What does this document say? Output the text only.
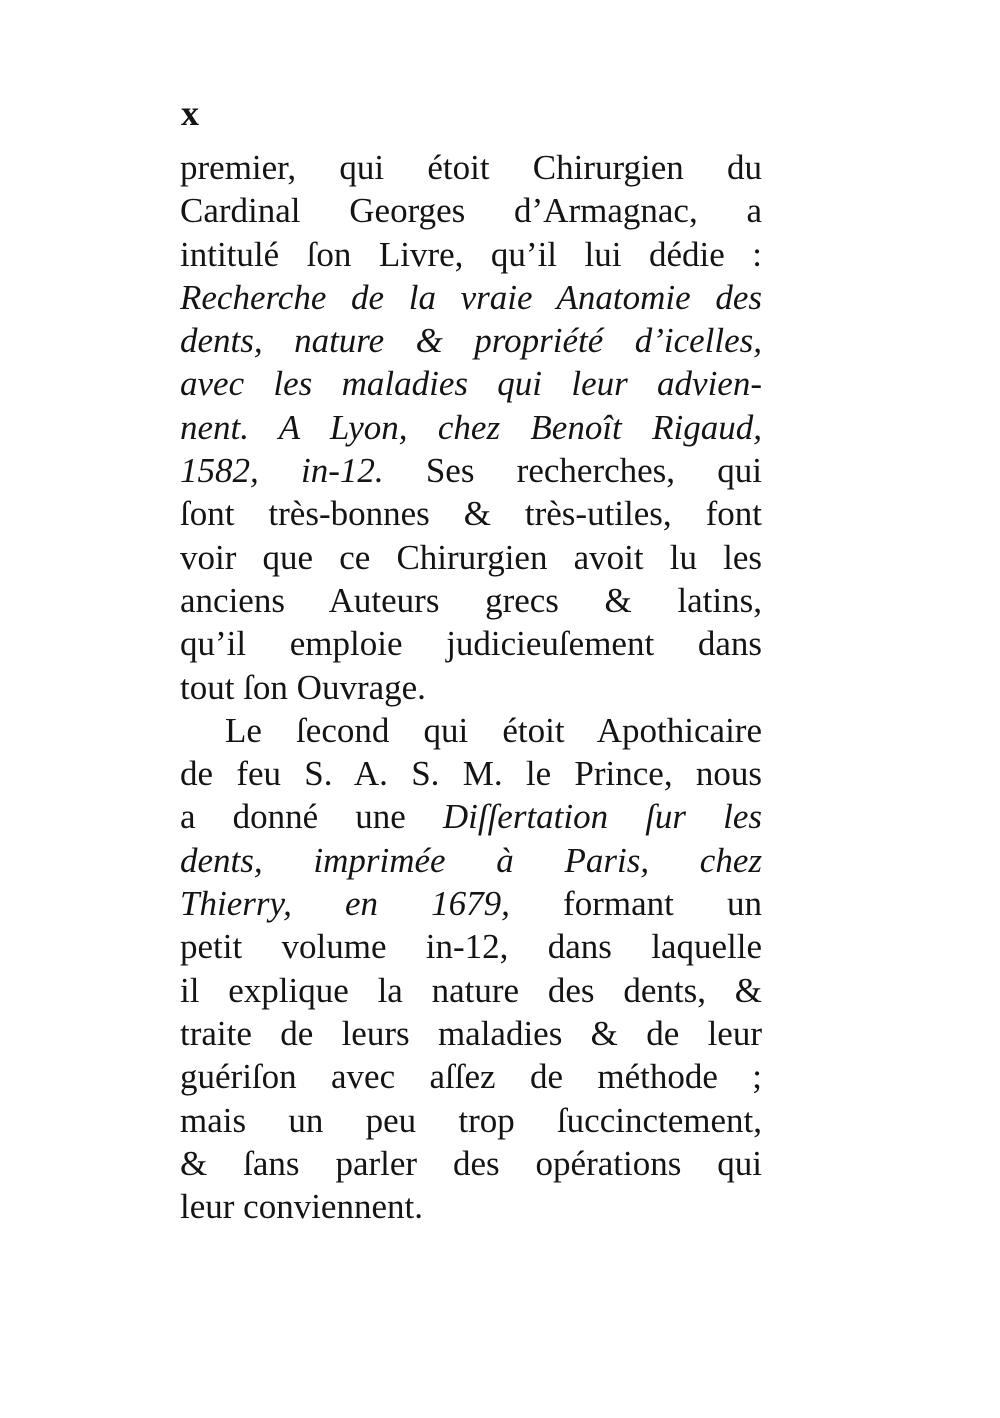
x
premier, qui étoit Chirurgien du
Cardinal Georges d’Armagnac, a
intitulé ſon Livre, qu’il lui dédie :
Recherche de la vraie Anatomie des
dents, nature & propriété d’icelles,
avec les maladies qui leur advien-
nent. A Lyon, chez Benoît Rigaud,
1582, in-12. Ses recherches, qui
ſont très-bonnes & très-utiles, font
voir que ce Chirurgien avoit lu les
anciens Auteurs grecs & latins,
qu’il emploie judicieuſement dans
tout ſon Ouvrage.
Le ſecond qui étoit Apothicaire
de feu S. A. S. M. le Prince, nous
a donné une Diſſertation ſur les
dents, imprimée à Paris, chez
Thierry, en 1679, formant un
petit volume in-12, dans laquelle
il explique la nature des dents, &
traite de leurs maladies & de leur
guériſon avec aſſez de méthode ;
mais un peu trop ſuccinctement,
& ſans parler des opérations qui
leur conviennent.
